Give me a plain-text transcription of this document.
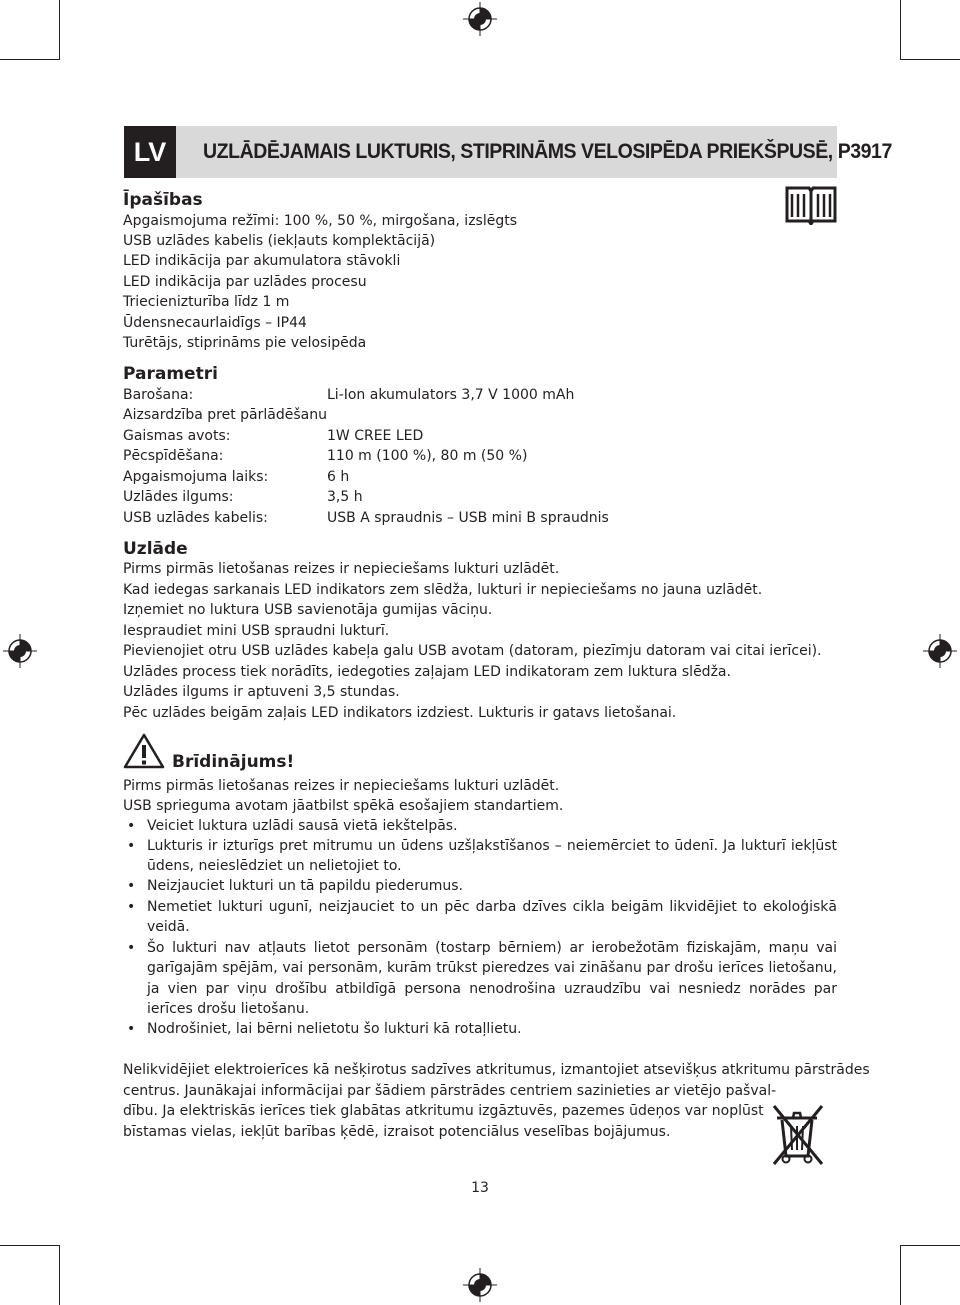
LV	UZLĀDĒJAMAIS LUKTURIS, STIPRINĀMS VELOSIPĒDA PRIEKŠPUSĒ, P3917
Īpašības
Apgaismojuma režīmi: 100 %, 50 %, mirgošana, izslēgts
USB uzlādes kabelis (iekļauts komplektācijā)
LED indikācija par akumulatora stāvokli
LED indikācija par uzlādes procesu
Triecienizturība līdz 1 m
Ūdensnecaurlaidīgs – IP44
Turētājs, stiprināms pie velosipēda
Parametri
Barošana:	Li-Ion akumulators 3,7 V 1000 mAh
Aizsardzība pret pārlādēšanu
Gaismas avots:	1W CREE LED
Pēcspīdēšana:	110 m (100 %), 80 m (50 %)
Apgaismojuma laiks:	6 h
Uzlādes ilgums:	3,5 h
USB uzlādes kabelis:	USB A spraudnis – USB mini B spraudnis
Uzlāde
Pirms pirmās lietošanas reizes ir nepieciešams lukturi uzlādēt.
Kad iedegas sarkanais LED indikators zem slēdža, lukturi ir nepieciešams no jauna uzlādēt.
Izņemiet no luktura USB savienotāja gumijas vāciņu.
Iespraudiet mini USB spraudni lukturī.
Pievienojiet otru USB uzlādes kabeļa galu USB avotam (datoram, piezīmju datoram vai citai ierīcei).
Uzlādes process tiek norādīts, iedegoties zaļajam LED indikatoram zem luktura slēdža.
Uzlādes ilgums ir aptuveni 3,5 stundas.
Pēc uzlādes beigām zaļais LED indikators izdziest. Lukturis ir gatavs lietošanai.
Brīdinājums!
Pirms pirmās lietošanas reizes ir nepieciešams lukturi uzlādēt.
USB sprieguma avotam jāatbilst spēkā esošajiem standartiem.
• Veiciet luktura uzlādi sausā vietā iekštelpās.
• Lukturis ir izturīgs pret mitrumu un ūdens uzšļakstīšanos – neiemērciet to ūdenī. Ja lukturī iekļūst ūdens, neieslēdziet un nelietojiet to.
• Neizjauciet lukturi un tā papildu piederumus.
• Nemetiet lukturi ugunī, neizjauciet to un pēc darba dzīves cikla beigām likvidējiet to ekoloģiskā veidā.
• Šo lukturi nav atļauts lietot personām (tostarp bērniem) ar ierobežotām fiziskajām, maņu vai garīgajām spējām, vai personām, kurām trūkst pieredzes vai zināšanu par drošu ierīces lietošanu, ja vien par viņu drošību atbildīgā persona nenodrošina uzraudzību vai nesniedz norādes par ierīces drošu lietošanu.
• Nodrošiniet, lai bērni nelietotu šo lukturi kā rotaļlietu.
Nelikvidējiet elektroierīces kā nešķirotus sadzīves atkritumus, izmantojiet atsevišķus atkritumu pārstrādes
centrus. Jaunākajai informācijai par šādiem pārstrādes centriem sazinieties ar vietējo pašval-
dību. Ja elektriskās ierīces tiek glabātas atkritumu izgāztuvēs, pazemes ūdeņos var noplūst
bīstamas vielas, iekļūt barības ķēdē, izraisot potenciālus veselības bojājumus.
13
